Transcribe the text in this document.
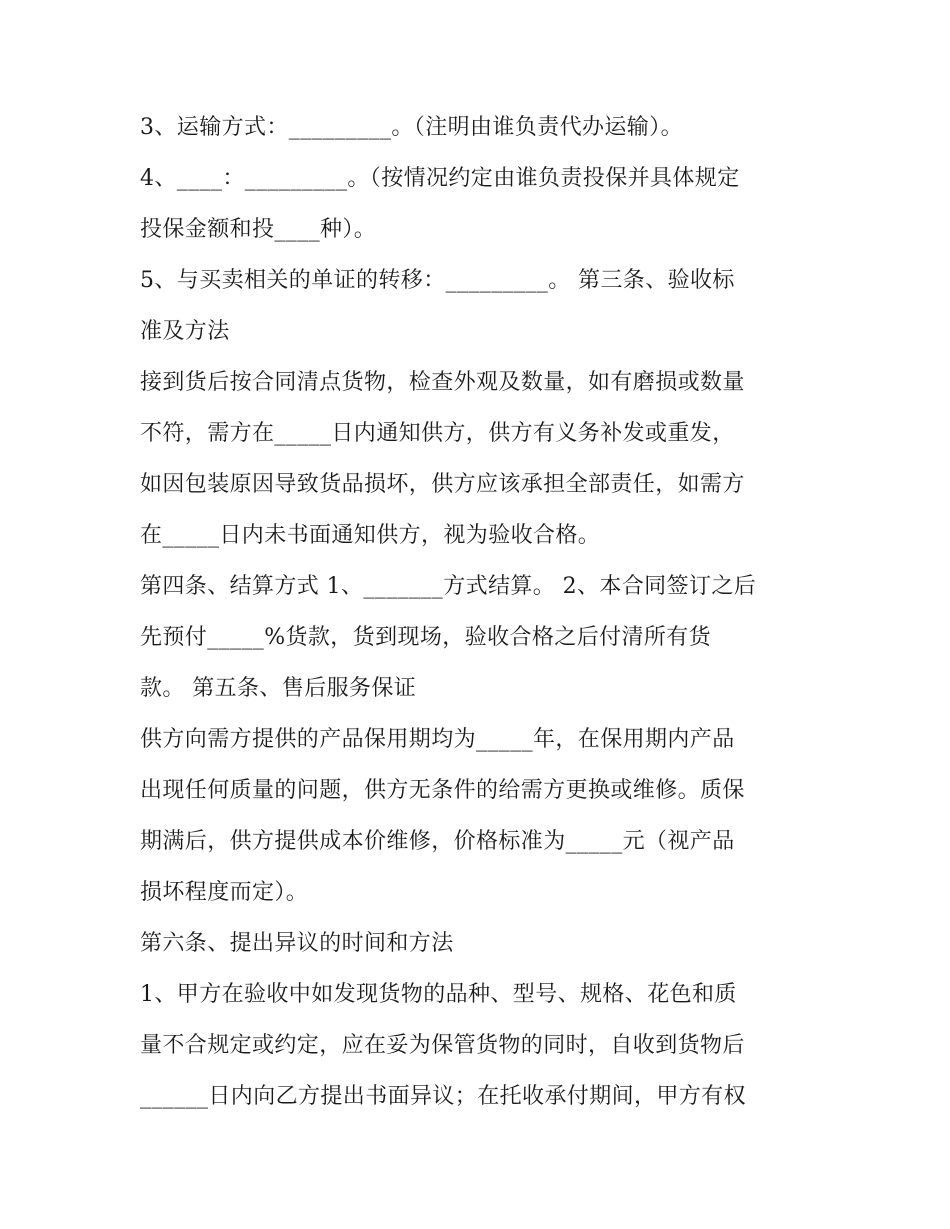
3、运输方式：_________。（注明由谁负责代办运输）。

4、____：_________。（按情况约定由谁负责投保并具体规定

投保金额和投____种）。

5、与买卖相关的单证的转移：_________。 第三条、验收标

准及方法

接到货后按合同清点货物，检查外观及数量，如有磨损或数量

不符，需方在_____日内通知供方，供方有义务补发或重发，

如因包装原因导致货品损坏，供方应该承担全部责任，如需方

在_____日内未书面通知供方，视为验收合格。

第四条、结算方式 1、_______方式结算。 2、本合同签订之后

先预付_____%货款，货到现场，验收合格之后付清所有货

款。 第五条、售后服务保证

供方向需方提供的产品保用期均为_____年，在保用期内产品

出现任何质量的问题，供方无条件的给需方更换或维修。质保

期满后，供方提供成本价维修，价格标准为_____元（视产品

损坏程度而定）。

第六条、提出异议的时间和方法

1、甲方在验收中如发现货物的品种、型号、规格、花色和质

量不合规定或约定，应在妥为保管货物的同时，自收到货物后

______日内向乙方提出书面异议；在托收承付期间，甲方有权
